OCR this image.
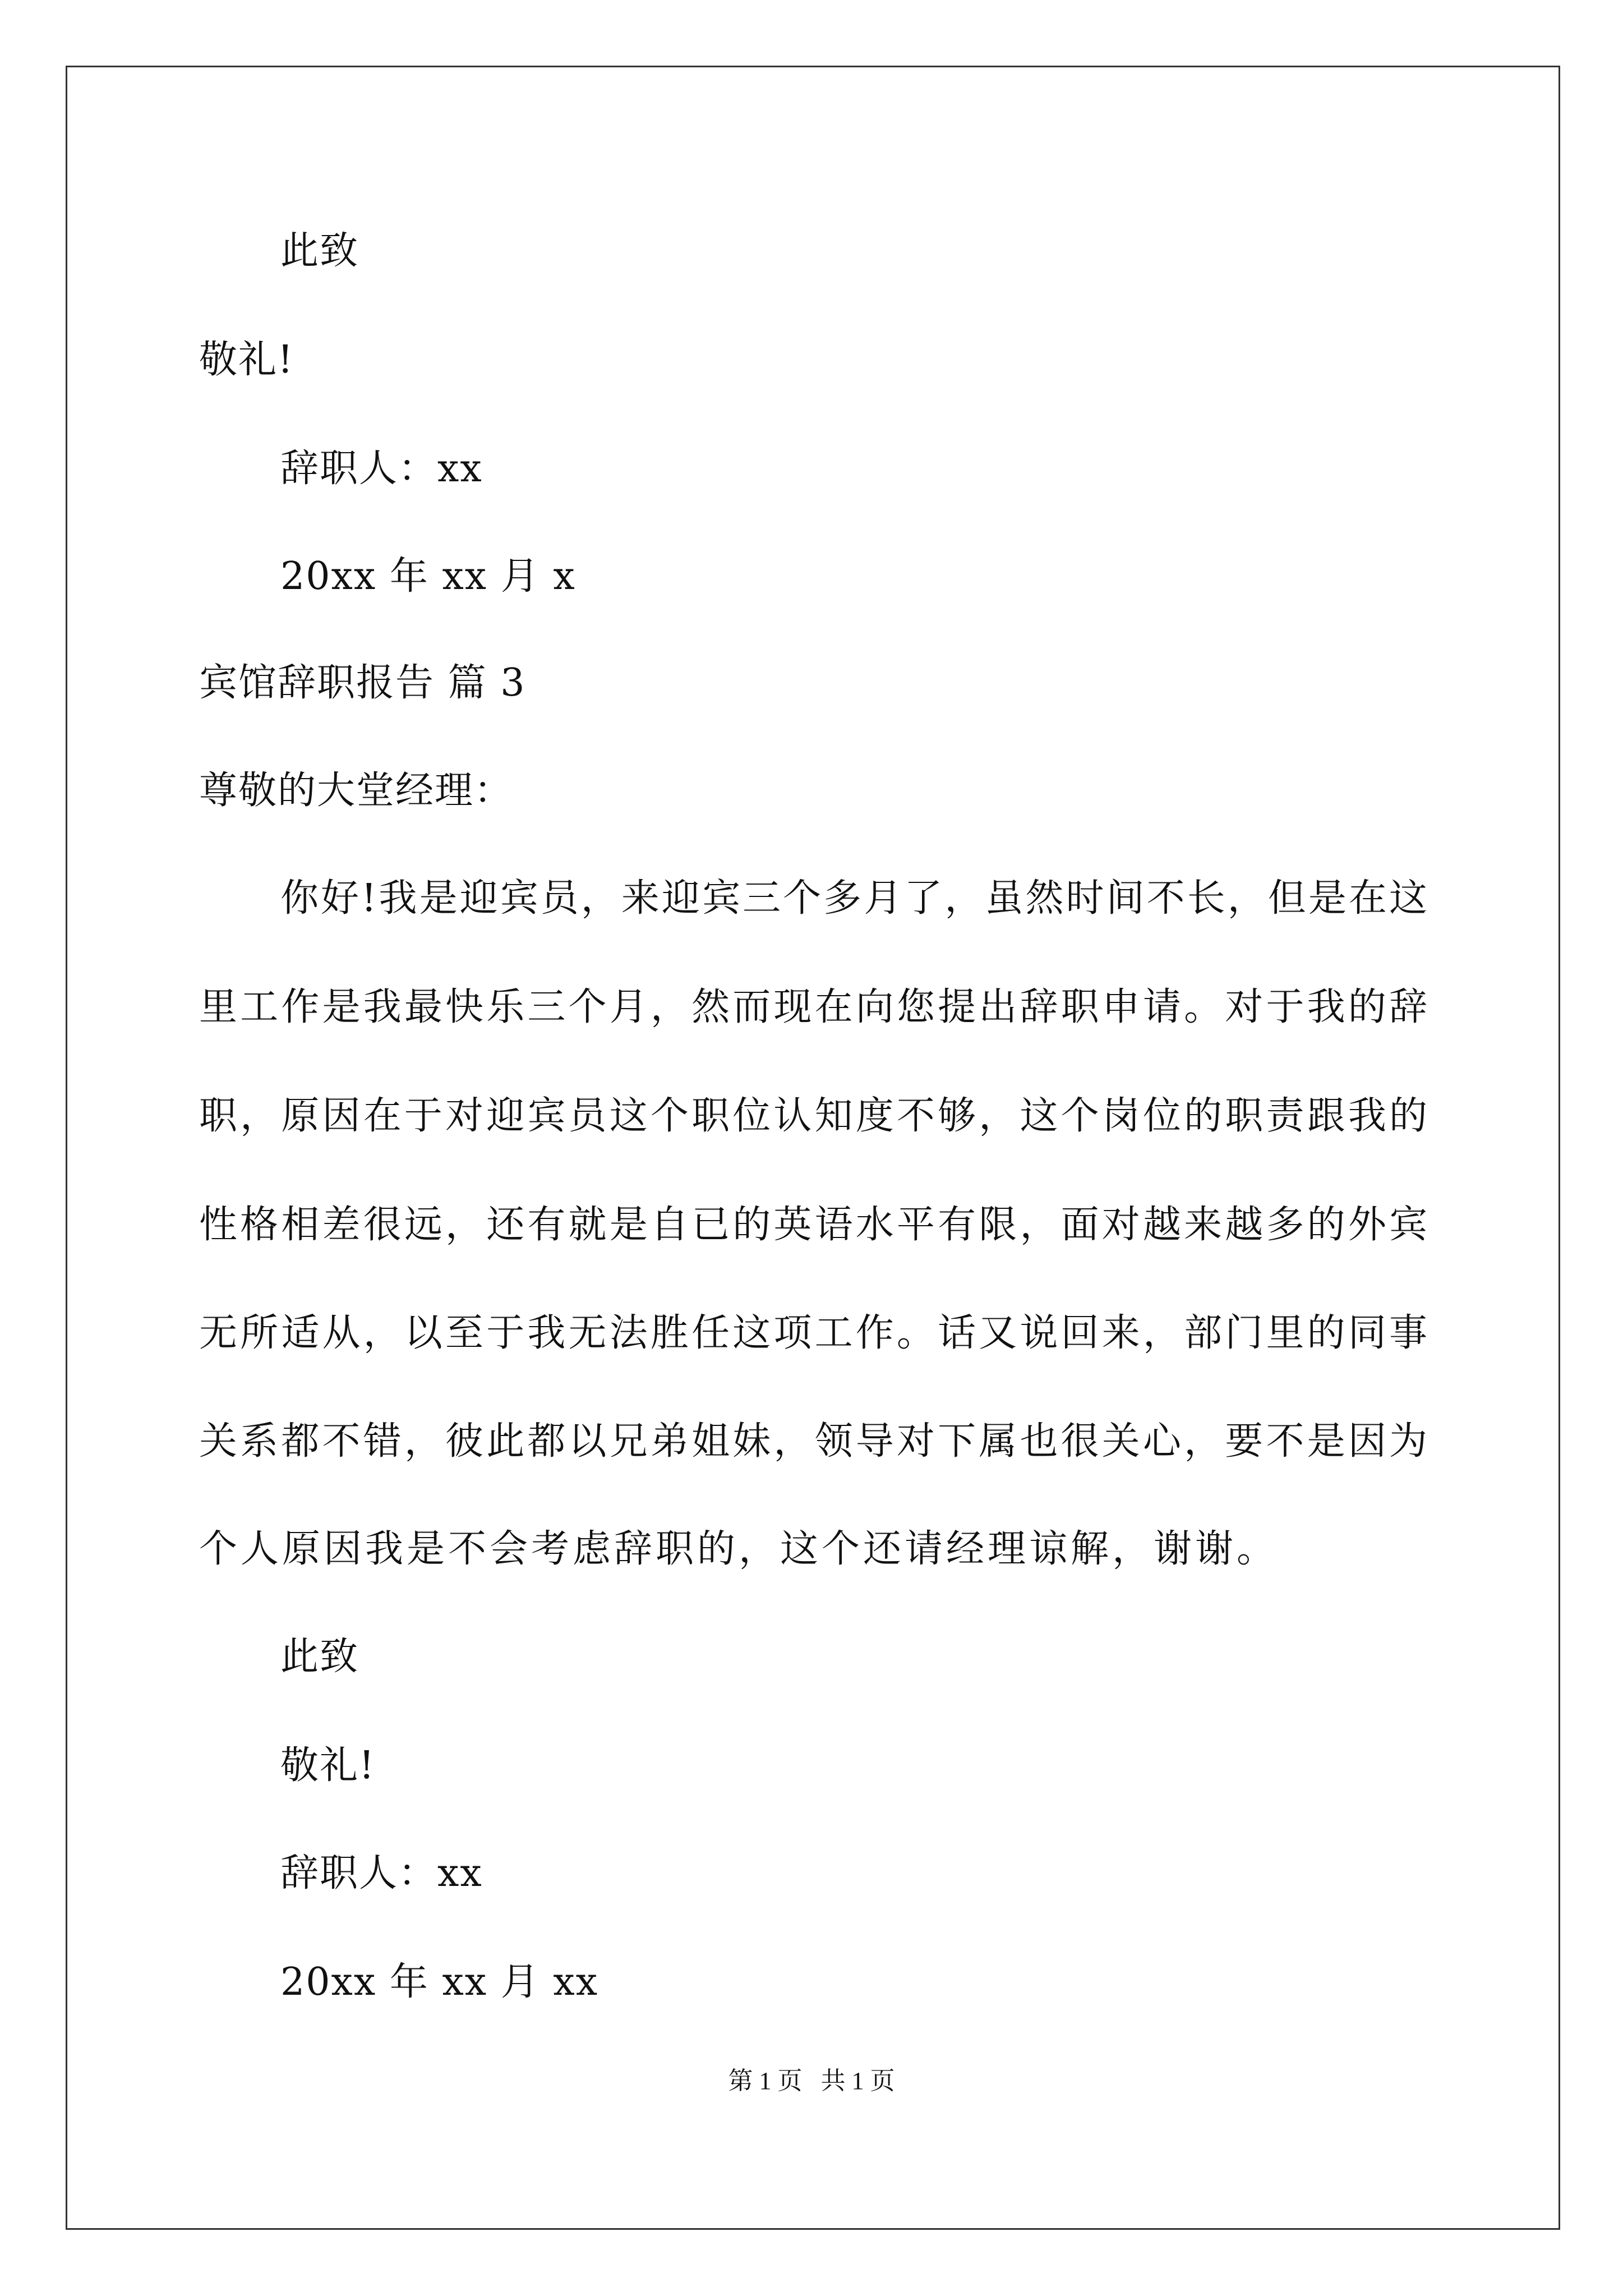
此致
敬礼!
辞职人：xx
20xx 年 xx 月 x
宾馆辞职报告 篇 3
尊敬的大堂经理：
你好!我是迎宾员，来迎宾三个多月了，虽然时间不长，但是在这
里工作是我最快乐三个月，然而现在向您提出辞职申请。对于我的辞
职，原因在于对迎宾员这个职位认知度不够，这个岗位的职责跟我的
性格相差很远，还有就是自已的英语水平有限，面对越来越多的外宾
无所适从，以至于我无法胜任这项工作。话又说回来，部门里的同事
关系都不错，彼此都以兄弟姐妹，领导对下属也很关心，要不是因为
个人原因我是不会考虑辞职的，这个还请经理谅解，谢谢。
此致
敬礼!
辞职人：xx
20xx 年 xx 月 xx
第 1 页   共 1 页
